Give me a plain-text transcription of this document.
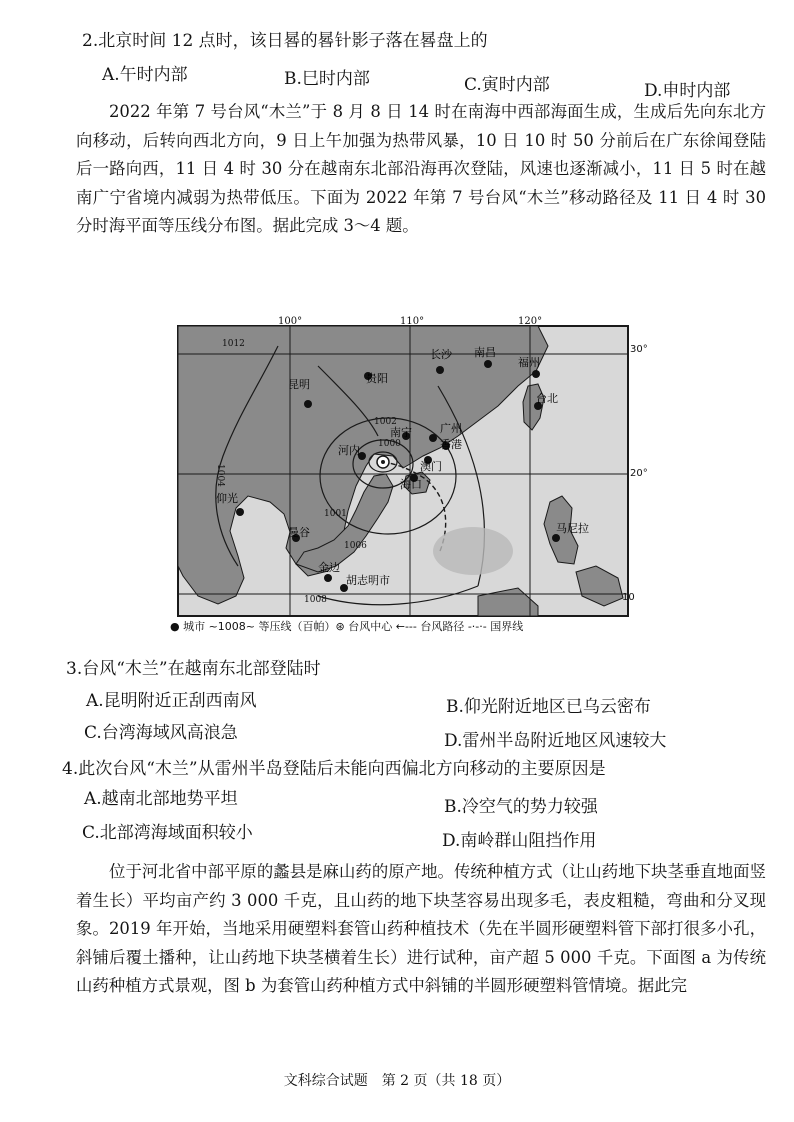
2.北京时间 12 点时，该日晷的晷针影子落在晷盘上的
A.午时内部	B.巳时内部	C.寅时内部	D.申时内部
2022 年第 7 号台风“木兰”于 8 月 8 日 14 时在南海中西部海面生成，生成后先向东北方向移动，后转向西北方向，9 日上午加强为热带风暴，10 日 10 时 50 分前后在广东徐闻登陆后一路向西，11 日 4 时 30 分在越南东北部沿海再次登陆，风速也逐渐减小，11 日 5 时在越南广宁省境内减弱为热带低压。下面为 2022 年第 7 号台风“木兰”移动路径及 11 日 4 时 30 分时海平面等压线分布图。据此完成 3～4 题。
长沙 南昌
福州
昆明	贵阳
台北
广州
香港
南宁
河内
澳门
海口
仰光
曼谷
金边
胡志明市
马尼拉
1012
1002
1000
1004
1006
1008
1001
100°	110°	120°
30°
20°
10
● 城市 ~1008~ 等压线（百帕）⊛ 台风中心 ←--- 台风路径 -·-·- 国界线
3.台风“木兰”在越南东北部登陆时
A.昆明附近正刮西南风	B.仰光附近地区已乌云密布
C.台湾海域风高浪急	D.雷州半岛附近地区风速较大
4.此次台风“木兰”从雷州半岛登陆后未能向西偏北方向移动的主要原因是
A.越南北部地势平坦	B.冷空气的势力较强
C.北部湾海域面积较小	D.南岭群山阻挡作用
位于河北省中部平原的蠡县是麻山药的原产地。传统种植方式（让山药地下块茎垂直地面竖着生长）平均亩产约 3 000 千克，且山药的地下块茎容易出现多毛，表皮粗糙，弯曲和分叉现象。2019 年开始，当地采用硬塑料套管山药种植技术（先在半圆形硬塑料管下部打很多小孔，斜铺后覆土播种，让山药地下块茎横着生长）进行试种，亩产超 5 000 千克。下面图 a 为传统山药种植方式景观，图 b 为套管山药种植方式中斜铺的半圆形硬塑料管情境。据此完
文科综合试题　第 2 页（共 18 页）
